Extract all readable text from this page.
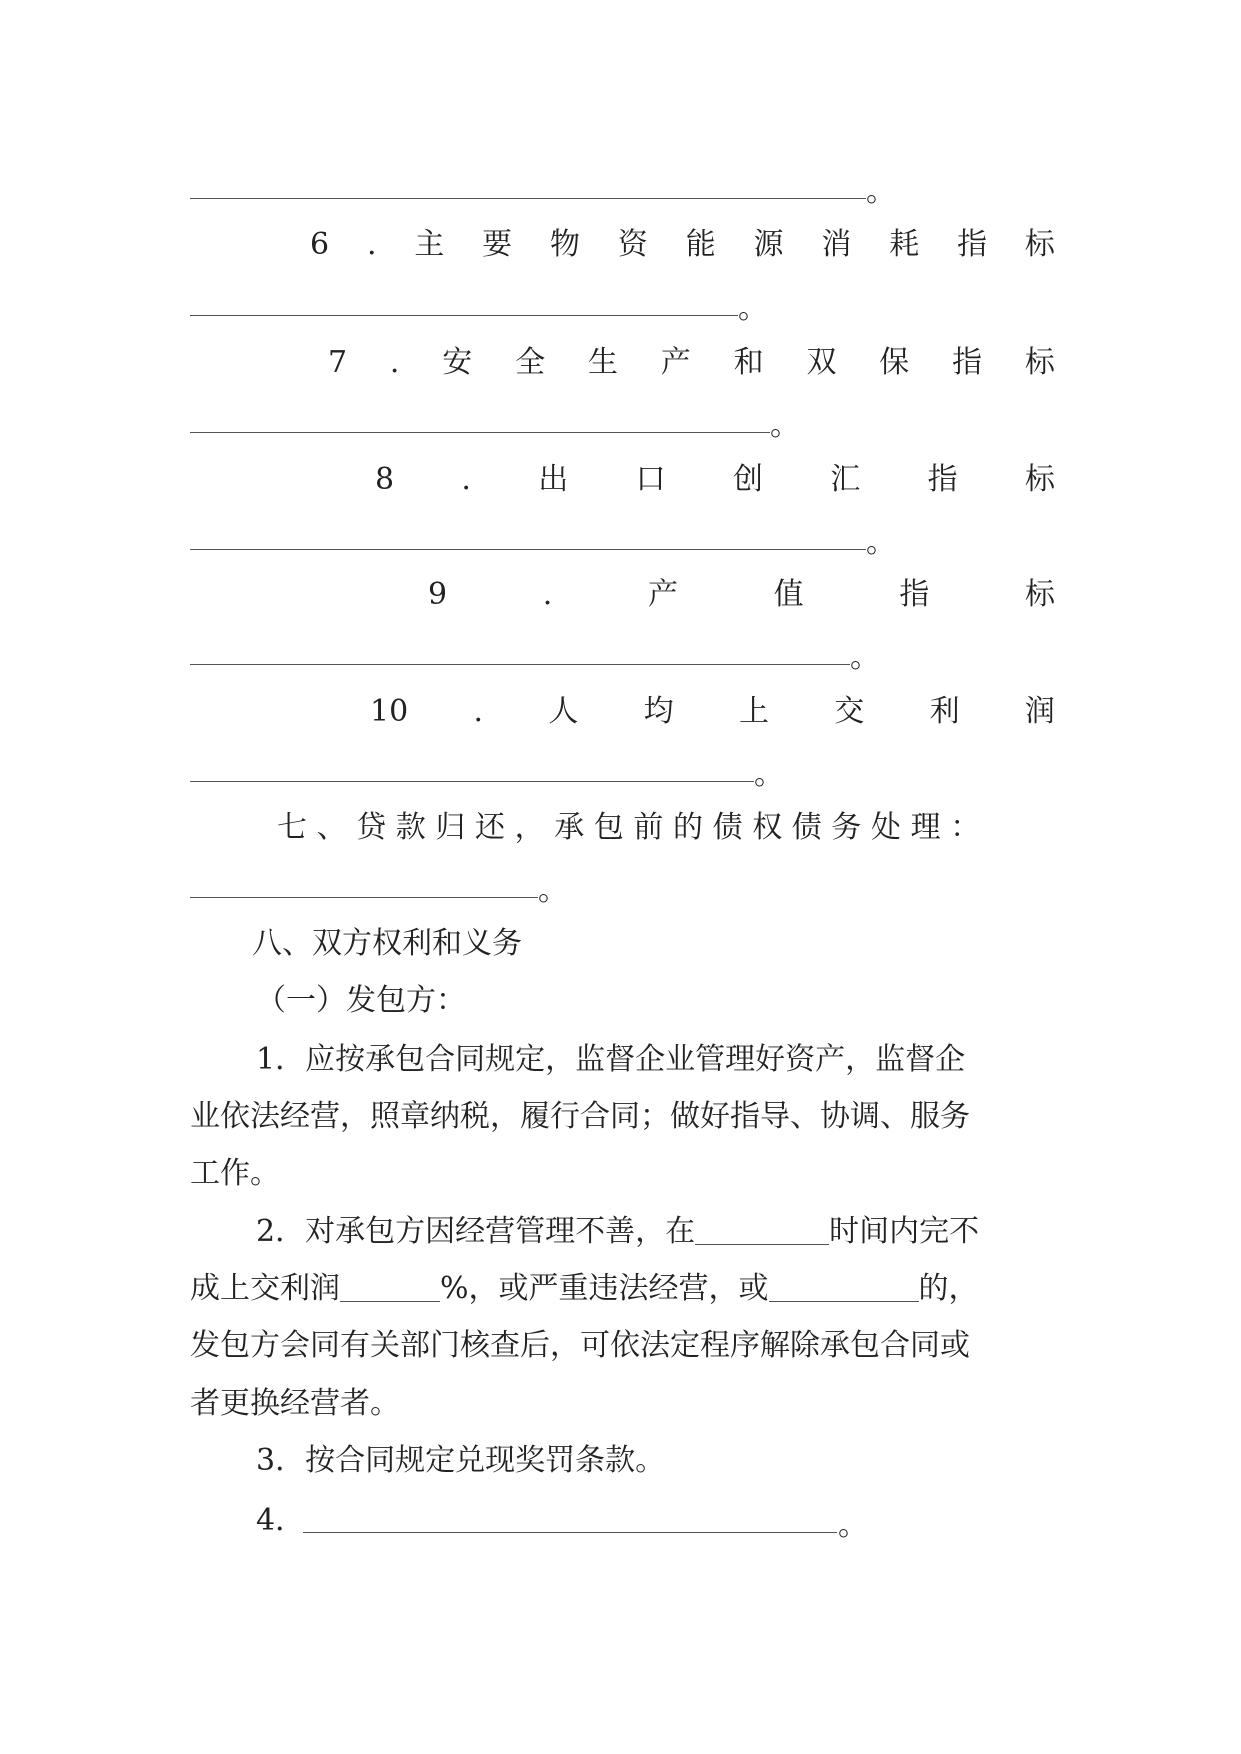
。
6 . 主 要 物 资 能 源 消 耗 指 标
。
7 . 安 全 生 产 和 双 保 指 标
。
8 . 出 口 创 汇 指 标
。
9	.	产	值	指	标
。
10 . 人 均 上 交 利 润
。
七、贷款归还，承包前的债权债务处理：
。
八、双方权利和义务
（一）发包方：
1．应按承包合同规定，监督企业管理好资产，监督企
业依法经营，照章纳税，履行合同；做好指导、协调、服务
工作。
2．对承包方因经营管理不善，在	时间内完不
成上交利润	%，或严重违法经营，或	的，
发包方会同有关部门核查后，可依法定程序解除承包合同或
者更换经营者。
3．按合同规定兑现奖罚条款。
4．	。
